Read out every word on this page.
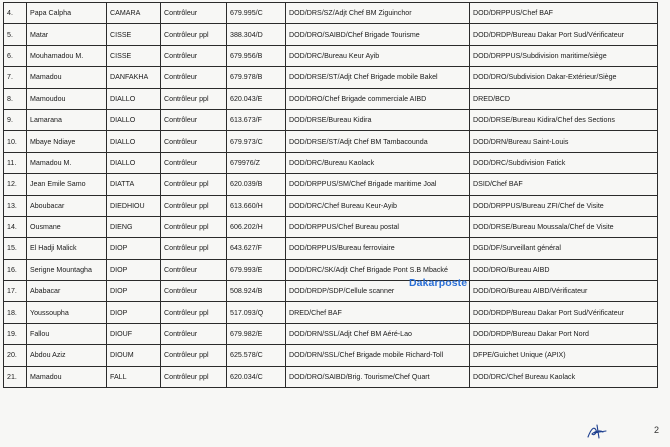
4.	Papa Calpha	CAMARA	Contrôleur	679.995/C	DOD/DRS/SZ/Adjt Chef BM Ziguinchor	DOD/DRPPUS/Chef BAF
5.	Matar	CISSE	Contrôleur ppl	388.304/D	DOD/DRO/SAIBD/Chef Brigade Tourisme	DOD/DRDP/Bureau Dakar Port Sud/Vérificateur
6.	Mouhamadou M.	CISSE	Contrôleur	679.956/B	DOD/DRC/Bureau Keur Ayib	DOD/DRPPUS/Subdivision maritime/siège
7.	Mamadou	DANFAKHA	Contrôleur	679.978/B	DOD/DRSE/ST/Adjt Chef Brigade mobile Bakel	DOD/DRO/Subdivision Dakar-Extérieur/Siège
8.	Mamoudou	DIALLO	Contrôleur ppl	620.043/E	DOD/DRO/Chef Brigade commerciale AIBD	DRED/BCD
9.	Lamarana	DIALLO	Contrôleur	613.673/F	DOD/DRSE/Bureau Kidira	DOD/DRSE/Bureau Kidira/Chef des Sections
10.	Mbaye Ndiaye	DIALLO	Contrôleur	679.973/C	DOD/DRSE/ST/Adjt Chef BM Tambacounda	DOD/DRN/Bureau Saint-Louis
11.	Mamadou M.	DIALLO	Contrôleur	679976/Z	DOD/DRC/Bureau Kaolack	DOD/DRC/Subdivision Fatick
12.	Jean Emile Samo	DIATTA	Contrôleur ppl	620.039/B	DOD/DRPPUS/SM/Chef Brigade maritime Joal	DSID/Chef BAF
13.	Aboubacar	DIEDHIOU	Contrôleur ppl	613.660/H	DOD/DRC/Chef Bureau Keur-Ayib	DOD/DRPPUS/Bureau ZFI/Chef de Visite
14.	Ousmane	DIENG	Contrôleur ppl	606.202/H	DOD/DRPPUS/Chef Bureau postal	DOD/DRSE/Bureau Moussala/Chef de Visite
15.	El Hadji Malick	DIOP	Contrôleur ppl	643.627/F	DOD/DRPPUS/Bureau ferroviaire	DGD/DF/Surveillant général
16.	Serigne Mountagha	DIOP	Contrôleur	679.993/E	DOD/DRC/SK/Adjt Chef Brigade Pont S.B Mbacké	DOD/DRO/Bureau AIBD
17.	Ababacar	DIOP	Contrôleur	508.924/B	DOD/DRDP/SDP/Cellule scanner	DOD/DRO/Bureau AIBD/Vérificateur
18.	Youssoupha	DIOP	Contrôleur ppl	517.093/Q	DRED/Chef BAF	DOD/DRDP/Bureau Dakar Port Sud/Vérificateur
19.	Fallou	DIOUF	Contrôleur	679.982/E	DOD/DRN/SSL/Adjt Chef BM Aéré-Lao	DOD/DRDP/Bureau Dakar Port Nord
20.	Abdou Aziz	DIOUM	Contrôleur ppl	625.578/C	DOD/DRN/SSL/Chef Brigade mobile Richard-Toll	DFPE/Guichet Unique (APIX)
21.	Mamadou	FALL	Contrôleur ppl	620.034/C	DOD/DRO/SAIBD/Brig. Tourisme/Chef Quart	DOD/DRC/Chef Bureau Kaolack
Dakarposte
2
